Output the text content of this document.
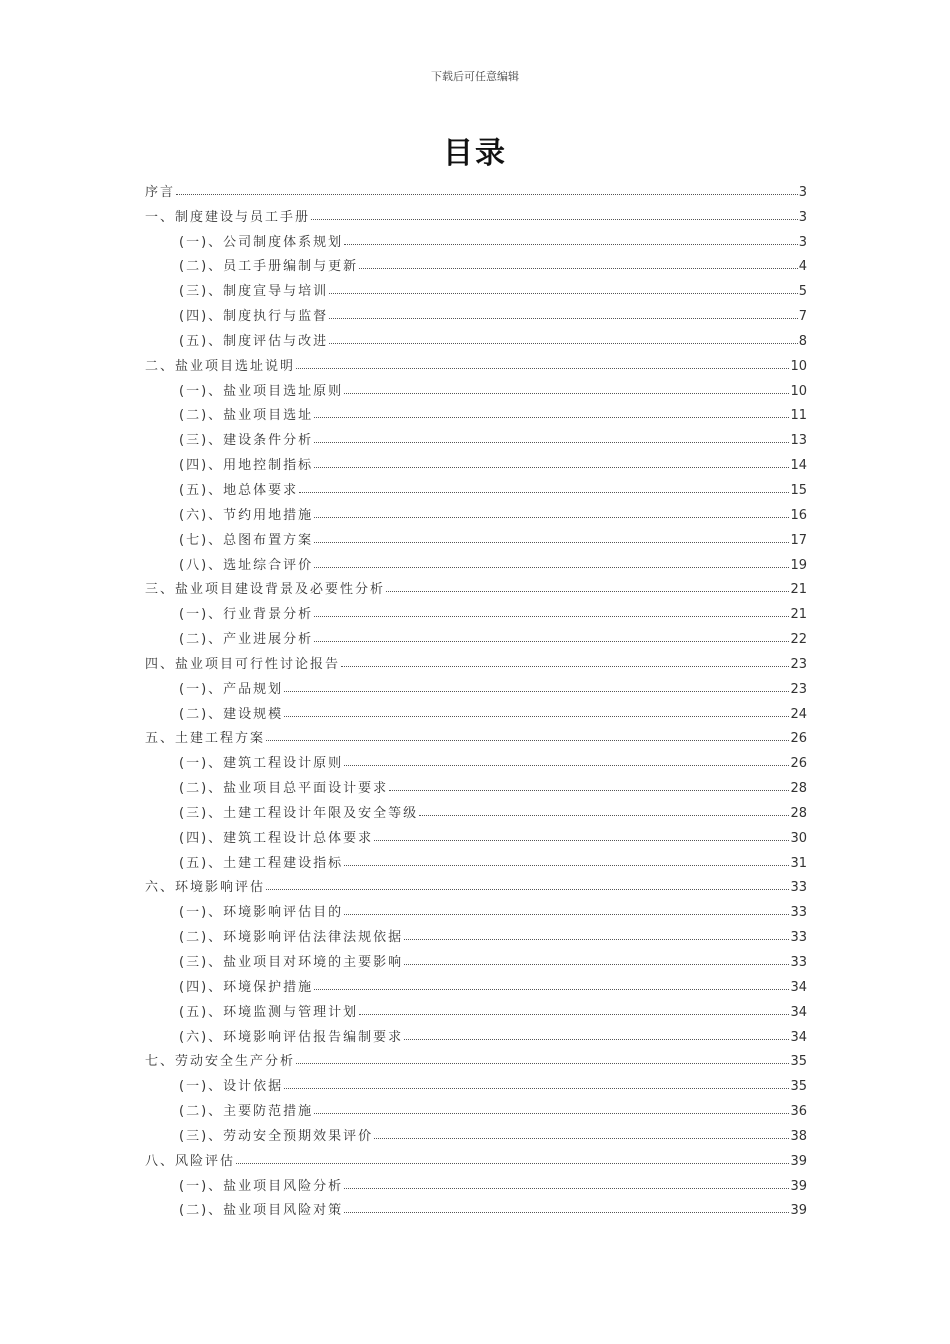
下载后可任意编辑
目录
序言	3
一、制度建设与员工手册	3
(一)、公司制度体系规划	3
(二)、员工手册编制与更新	4
(三)、制度宣导与培训	5
(四)、制度执行与监督	7
(五)、制度评估与改进	8
二、盐业项目选址说明	10
(一)、盐业项目选址原则	10
(二)、盐业项目选址	11
(三)、建设条件分析	13
(四)、用地控制指标	14
(五)、地总体要求	15
(六)、节约用地措施	16
(七)、总图布置方案	17
(八)、选址综合评价	19
三、盐业项目建设背景及必要性分析	21
(一)、行业背景分析	21
(二)、产业进展分析	22
四、盐业项目可行性讨论报告	23
(一)、产品规划	23
(二)、建设规模	24
五、土建工程方案	26
(一)、建筑工程设计原则	26
(二)、盐业项目总平面设计要求	28
(三)、土建工程设计年限及安全等级	28
(四)、建筑工程设计总体要求	30
(五)、土建工程建设指标	31
六、环境影响评估	33
(一)、环境影响评估目的	33
(二)、环境影响评估法律法规依据	33
(三)、盐业项目对环境的主要影响	33
(四)、环境保护措施	34
(五)、环境监测与管理计划	34
(六)、环境影响评估报告编制要求	34
七、劳动安全生产分析	35
(一)、设计依据	35
(二)、主要防范措施	36
(三)、劳动安全预期效果评价	38
八、风险评估	39
(一)、盐业项目风险分析	39
(二)、盐业项目风险对策	39
